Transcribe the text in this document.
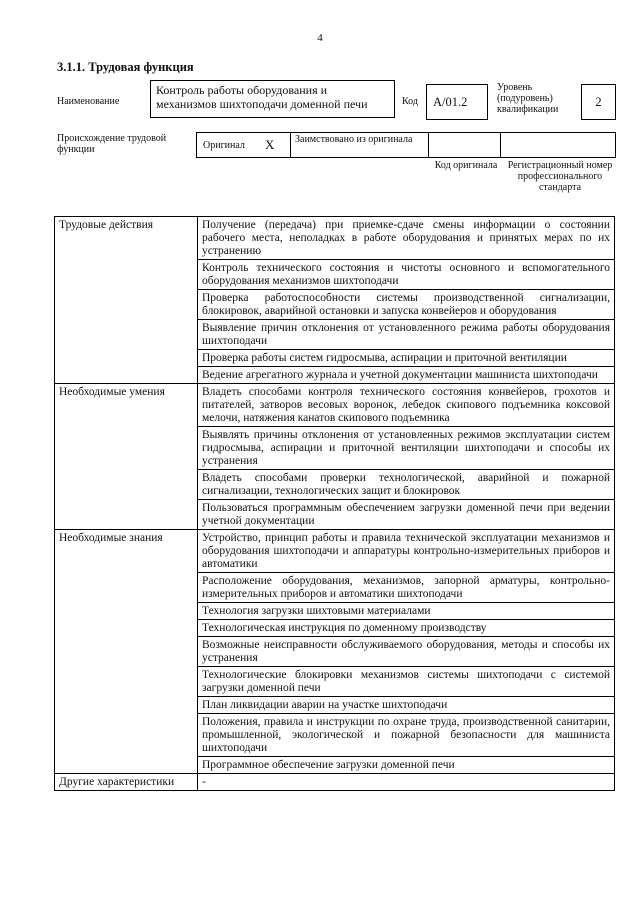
4
3.1.1. Трудовая функция
Наименование
Контроль работы оборудования и механизмов шихтоподачи доменной печи	Код	А/01.2
Уровень (подуровень) квалификации
2
Происхождение трудовой функции	Оригинал Х Заимствовано из оригинала
Код оригинала	Регистрационный номер профессионального стандарта
Трудовые действия	Получение (передача) при приемке-сдаче смены информации о состоянии рабочего места, неполадках в работе оборудования и принятых мерах по их устранению
	Контроль технического состояния и чистоты основного и вспомогательного оборудования механизмов шихтоподачи
	Проверка работоспособности системы производственной сигнализации, блокировок, аварийной остановки и запуска конвейеров и оборудования
	Выявление причин отклонения от установленного режима работы оборудования шихтоподачи
	Проверка работы систем гидросмыва, аспирации и приточной вентиляции
	Ведение агрегатного журнала и учетной документации машиниста шихтоподачи
Необходимые умения	Владеть способами контроля технического состояния конвейеров, грохотов и питателей, затворов весовых воронок, лебедок скипового подъемника коксовой мелочи, натяжения канатов скипового подъемника
	Выявлять причины отклонения от установленных режимов эксплуатации систем гидросмыва, аспирации и приточной вентиляции шихтоподачи и способы их устранения
	Владеть способами проверки технологической, аварийной и пожарной сигнализации, технологических защит и блокировок
	Пользоваться программным обеспечением загрузки доменной печи при ведении учетной документации
Необходимые знания	Устройство, принцип работы и правила технической эксплуатации механизмов и оборудования шихтоподачи и аппаратуры контрольно-измерительных приборов и автоматики
	Расположение оборудования, механизмов, запорной арматуры, контрольно-измерительных приборов и автоматики шихтоподачи
	Технология загрузки шихтовыми материалами
	Технологическая инструкция по доменному производству
	Возможные неисправности обслуживаемого оборудования, методы и способы их устранения
	Технологические блокировки механизмов системы шихтоподачи с системой загрузки доменной печи
	План ликвидации аварии на участке шихтоподачи
	Положения, правила и инструкции по охране труда, производственной санитарии, промышленной, экологической и пожарной безопасности для машиниста шихтоподачи
	Программное обеспечение загрузки доменной печи
Другие характеристики	-
